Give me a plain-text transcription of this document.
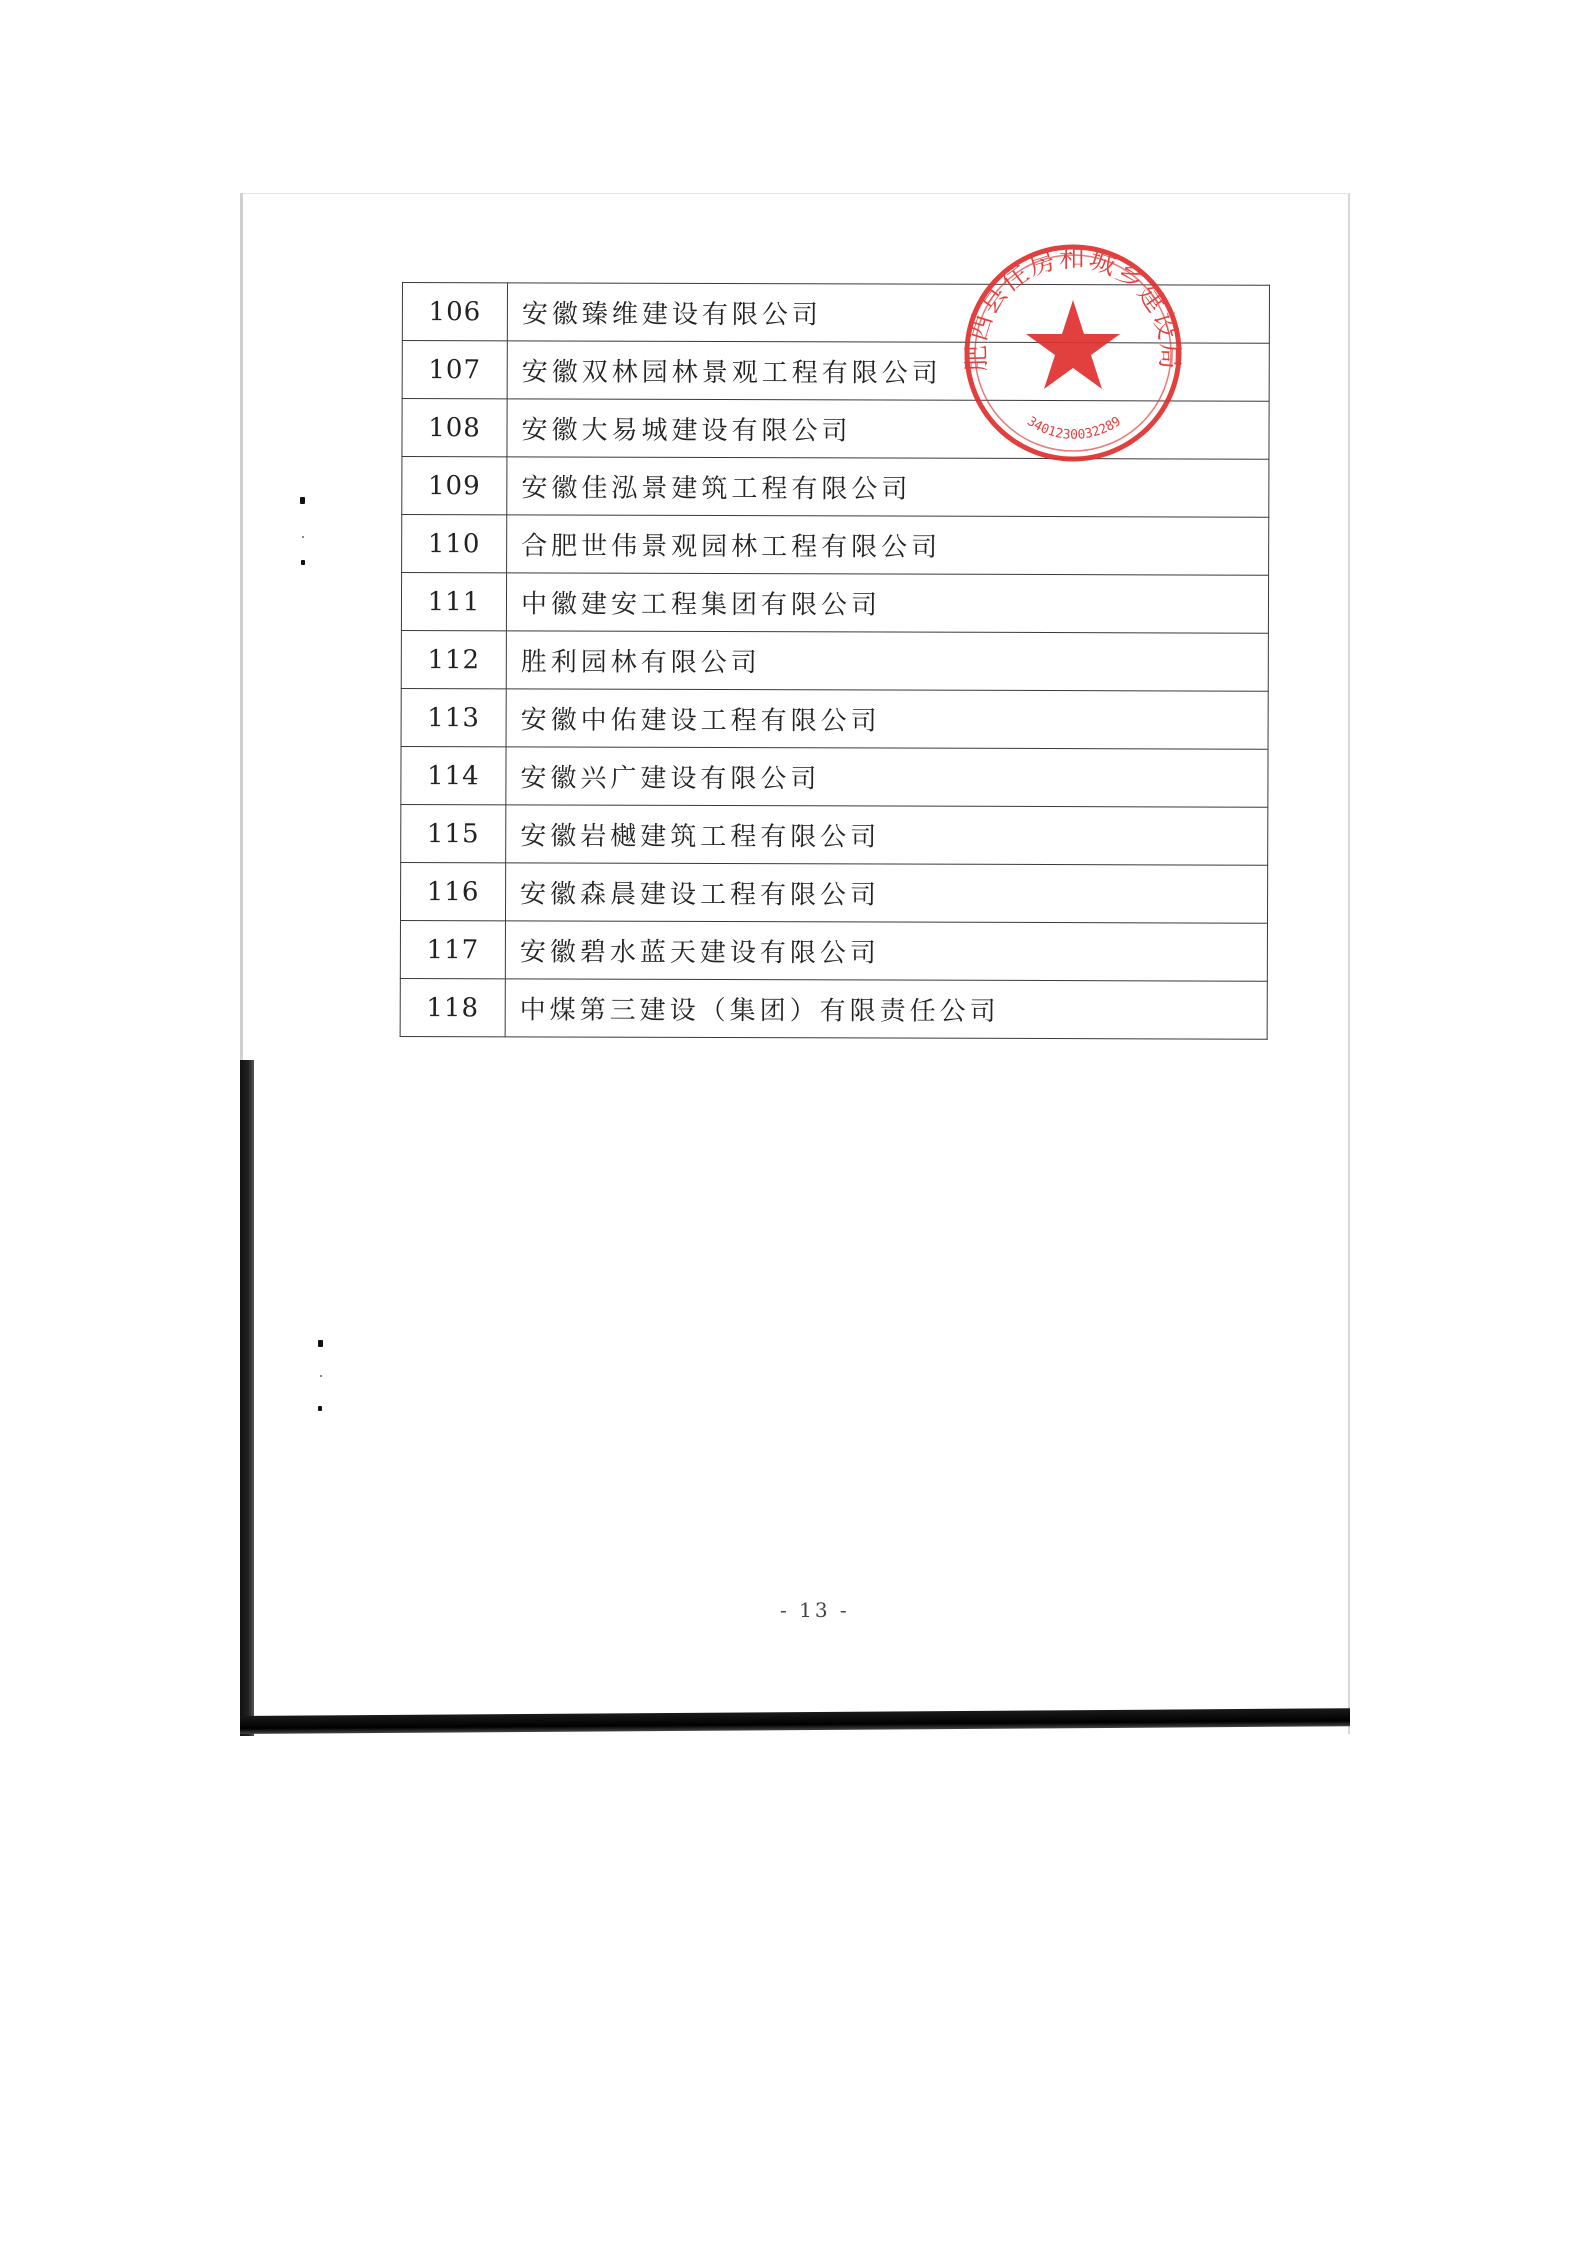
106	安徽臻维建设有限公司
107	安徽双林园林景观工程有限公司
108	安徽大易城建设有限公司
109	安徽佳泓景建筑工程有限公司
110	合肥世伟景观园林工程有限公司
111	中徽建安工程集团有限公司
112	胜利园林有限公司
113	安徽中佑建设工程有限公司
114	安徽兴广建设有限公司
115	安徽岩樾建筑工程有限公司
116	安徽森晨建设工程有限公司
117	安徽碧水蓝天建设有限公司
118	中煤第三建设（集团）有限责任公司
- 13 -
肥西县住房和城乡建设局
3401230032289
